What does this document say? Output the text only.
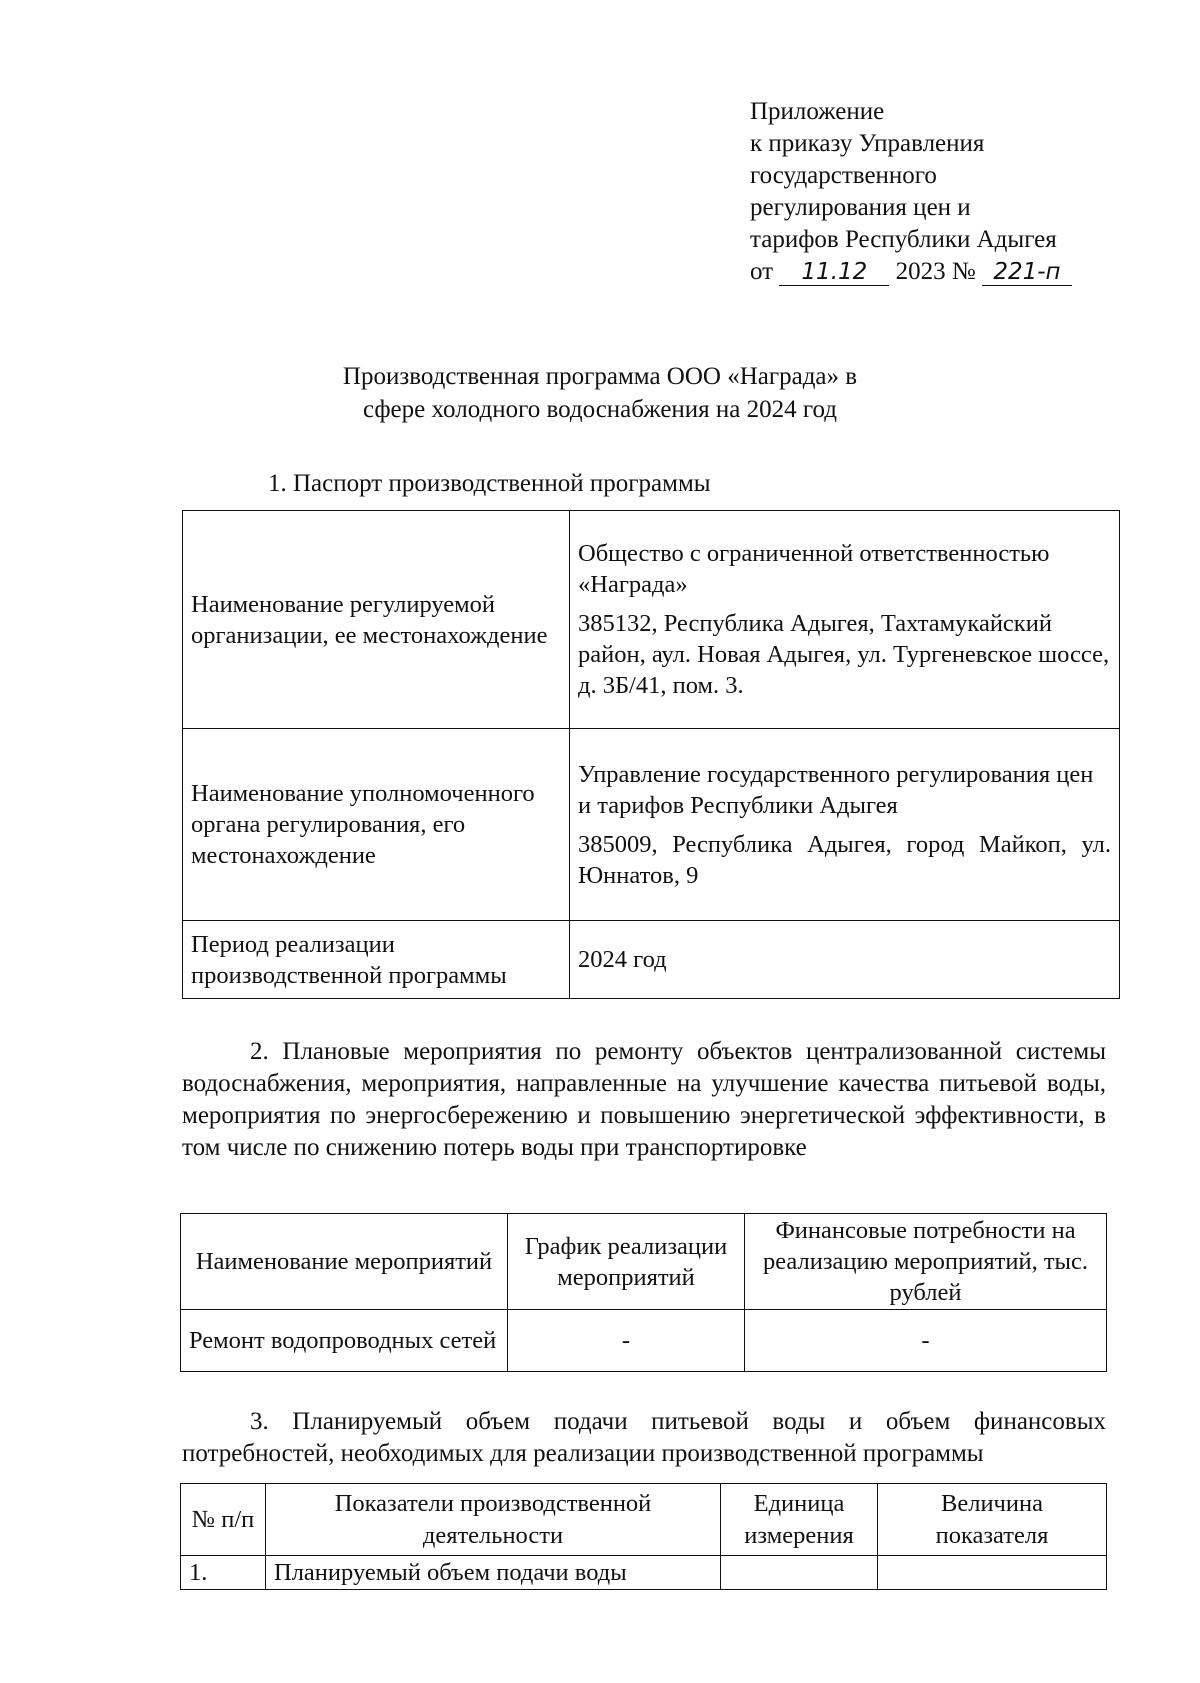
Приложение
к приказу Управления
государственного
регулирования цен и
тарифов Республики Адыгея
от 11.12 2023 № 221-п
Производственная программа ООО «Награда» в
сфере холодного водоснабжения на 2024 год
1. Паспорт производственной программы
Наименование регулируемой организации, ее местонахождение	Общество с ограниченной ответственностью «Награда»

385132, Республика Адыгея, Тахтамукайский район, аул. Новая Адыгея, ул. Тургеневское шоссе, д. 3Б/41, пом. 3.

Наименование уполномоченного органа регулирования, его местонахождение	Управление государственного регулирования цен и тарифов Республики Адыгея

385009, Республика Адыгея, город Майкоп, ул. Юннатов, 9

Период реализации производственной программы	2024 год
2. Плановые мероприятия по ремонту объектов централизованной системы водоснабжения, мероприятия, направленные на улучшение качества питьевой воды, мероприятия по энергосбережению и повышению энергетической эффективности, в том числе по снижению потерь воды при транспортировке
Наименование мероприятий	График реализации мероприятий	Финансовые потребности на реализацию мероприятий, тыс. рублей
Ремонт водопроводных сетей	-	-
3. Планируемый объем подачи питьевой воды и объем финансовых потребностей, необходимых для реализации производственной программы
№ п/п	Показатели производственной деятельности	Единица измерения	Величина показателя
1.	Планируемый объем подачи воды		
